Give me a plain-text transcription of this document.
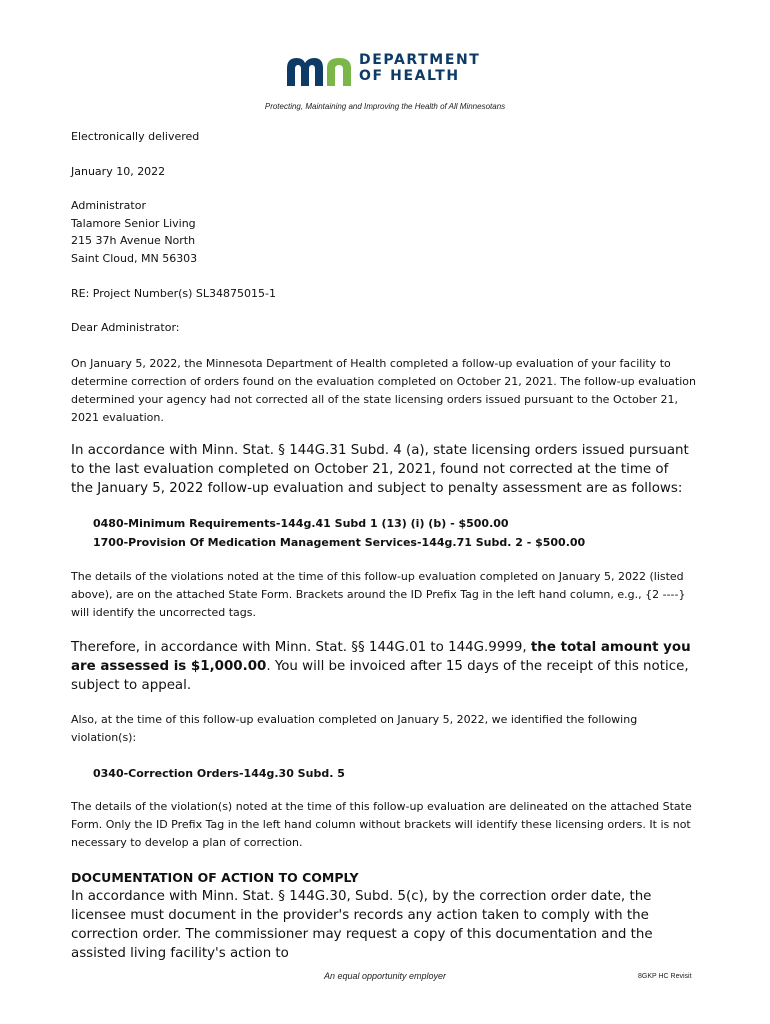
DEPARTMENT
OF HEALTH
Protecting, Maintaining and Improving the Health of All Minnesotans
Electronically delivered
January 10, 2022
Administrator
Talamore Senior Living
215 37h Avenue North
Saint Cloud, MN 56303
RE: Project Number(s) SL34875015-1
Dear Administrator:
On January 5, 2022, the Minnesota Department of Health completed a follow-up evaluation of your facility to determine correction of orders found on the evaluation completed on October 21, 2021. The follow-up evaluation determined your agency had not corrected all of the state licensing orders issued pursuant to the October 21, 2021 evaluation.
In accordance with Minn. Stat. § 144G.31 Subd. 4 (a), state licensing orders issued pursuant to the last evaluation completed on October 21, 2021, found not corrected at the time of the January 5, 2022 follow-up evaluation and subject to penalty assessment are as follows:
0480-Minimum Requirements-144g.41 Subd 1 (13) (i) (b) - $500.00
1700-Provision Of Medication Management Services-144g.71 Subd. 2 - $500.00
The details of the violations noted at the time of this follow-up evaluation completed on January 5, 2022 (listed above), are on the attached State Form. Brackets around the ID Prefix Tag in the left hand column, e.g., {2 ----} will identify the uncorrected tags.
Therefore, in accordance with Minn. Stat. §§ 144G.01 to 144G.9999, the total amount you are assessed is $1,000.00. You will be invoiced after 15 days of the receipt of this notice, subject to appeal.
Also, at the time of this follow-up evaluation completed on January 5, 2022, we identified the following violation(s):
0340-Correction Orders-144g.30 Subd. 5
The details of the violation(s) noted at the time of this follow-up evaluation are delineated on the attached State Form. Only the ID Prefix Tag in the left hand column without brackets will identify these licensing orders. It is not necessary to develop a plan of correction.
DOCUMENTATION OF ACTION TO COMPLY
In accordance with Minn. Stat. § 144G.30, Subd. 5(c), by the correction order date, the licensee must document in the provider's records any action taken to comply with the correction order. The commissioner may request a copy of this documentation and the assisted living facility's action to
An equal opportunity employer	8GKP HC Revisit
